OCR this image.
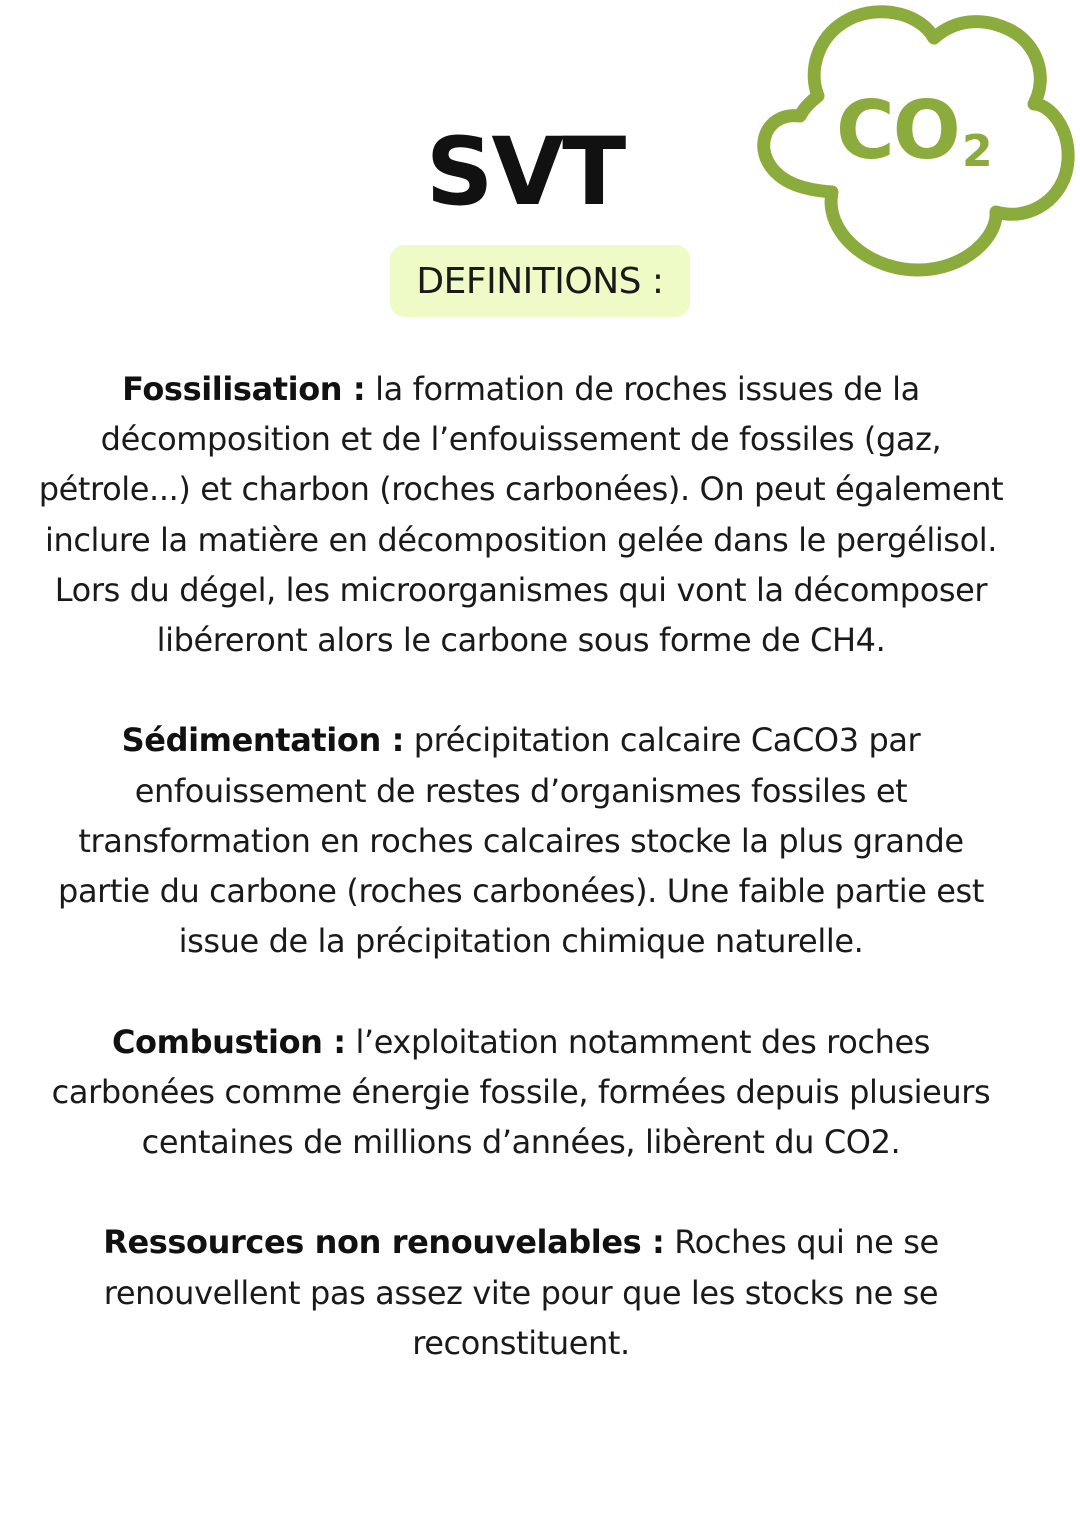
CO 2
SVT
DEFINITIONS :

Fossilisation : la formation de roches issues de la décomposition et de l’enfouissement de fossiles (gaz, pétrole...) et charbon (roches carbonées). On peut également inclure la matière en décomposition gelée dans le pergélisol. Lors du dégel, les microorganismes qui vont la décomposer libéreront alors le carbone sous forme de CH4.

Sédimentation : précipitation calcaire CaCO3 par enfouissement de restes d’organismes fossiles et transformation en roches calcaires stocke la plus grande partie du carbone (roches carbonées). Une faible partie est issue de la précipitation chimique naturelle.

Combustion : l’exploitation notamment des roches carbonées comme énergie fossile, formées depuis plusieurs centaines de millions d’années, libèrent du CO2.

Ressources non renouvelables : Roches qui ne se renouvellent pas assez vite pour que les stocks ne se reconstituent.
